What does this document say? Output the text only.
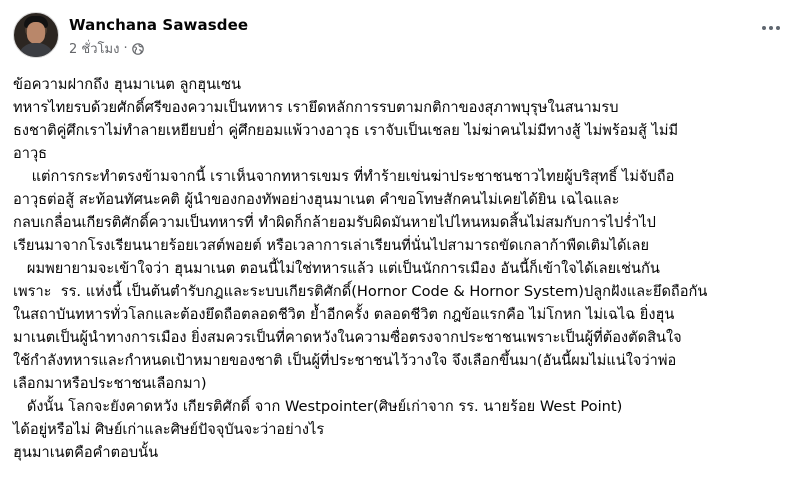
Wanchana Sawasdee
2 ชั่วโมง ·

ข้อความฝากถึง ฮุนมาเนต ลูกฮุนเซน

ทหารไทยรบด้วยศักดิ์ศรีของความเป็นทหาร เรายึดหลักการรบตามกติกาของสุภาพบุรุษในสนามรบ

ธงชาติคู่ศึกเราไม่ทำลายเหยียบย่ำ คู่ศึกยอมแพ้วางอาวุธ เราจับเป็นเชลย ไม่ฆ่าคนไม่มีทางสู้ ไม่พร้อมสู้ ไม่มี

อาวุธ

แต่การกระทำตรงข้ามจากนี้ เราเห็นจากทหารเขมร ที่ทำร้ายเข่นฆ่าประชาชนชาวไทยผู้บริสุทธิ์ ไม่จับถือ

อาวุธต่อสู้ สะท้อนทัศนะคติ ผู้นำของกองทัพอย่างฮุนมาเนต คำขอโทษสักคนไม่เคยได้ยิน เฉไฉและ

กลบเกลื่อนเกียรติศักดิ์ความเป็นทหารที่ ทำผิดก็กล้ายอมรับผิดมันหายไปไหนหมดสิ้นไม่สมกับการไปร่ำไป

เรียนมาจากโรงเรียนนายร้อยเวสต์พอยต์ หรือเวลาการเล่าเรียนที่นั่นไปสามารถขัดเกลาก้าพืดเติมได้เลย

ผมพยายามจะเข้าใจว่า ฮุนมาเนต ตอนนี้ไม่ใช่ทหารแล้ว แต่เป็นนักการเมือง อันนี้ก็เข้าใจได้เลยเช่นกัน

เพราะ  รร. แห่งนี้ เป็นต้นตำรับกฎและระบบเกียรติศักดิ์(Hornor Code & Hornor System)ปลูกฝังและยึดถือกัน

ในสถาบันทหารทั่วโลกและต้องยึดถือตลอดชีวิต ย้ำอีกครั้ง ตลอดชีวิต กฎข้อแรกคือ ไม่โกหก ไม่เฉไฉ ยิ่งฮุน

มาเนตเป็นผู้นำทางการเมือง ยิ่งสมควรเป็นที่คาดหวังในความซื่อตรงจากประชาชนเพราะเป็นผู้ที่ต้องตัดสินใจ

ใช้กำลังทหารและกำหนดเป้าหมายของชาติ เป็นผู้ที่ประชาชนไว้วางใจ จึงเลือกขึ้นมา(อันนี้ผมไม่แน่ใจว่าพ่อ

เลือกมาหรือประชาชนเลือกมา)

ดังนั้น โลกจะยังคาดหวัง เกียรติศักดิ์ จาก Westpointer(ศิษย์เก่าจาก รร. นายร้อย West Point)

ได้อยู่หรือไม่ ศิษย์เก่าและศิษย์ปัจจุบันจะว่าอย่างไร

ฮุนมาเนตคือคำตอบนั้น
